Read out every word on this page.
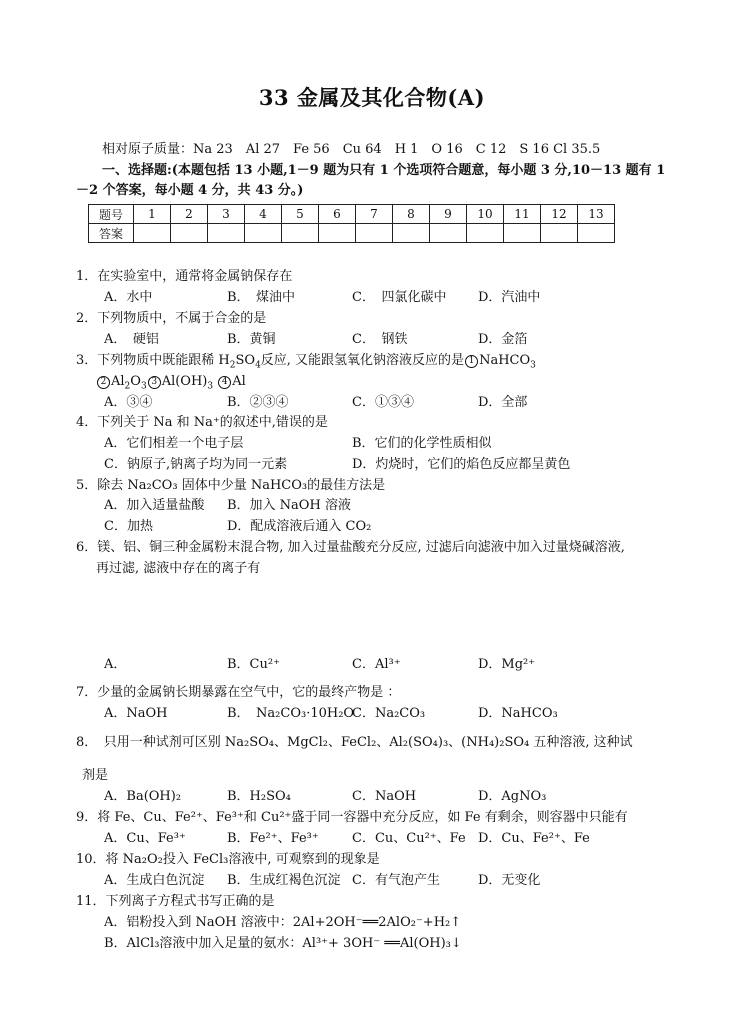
33 金属及其化合物(A)
相对原子质量：Na 23　Al 27　Fe 56　Cu 64　H 1　O 16　C 12　S 16 Cl 35.5
一、选择题:(本题包括 13 小题,1－9 题为只有 1 个选项符合题意，每小题 3 分,10－13 题有 1
－2 个答案，每小题 4 分，共 43 分。)
题号	1	2	3	4	5	6	7	8	9	10	11	12	13
答案													
1．在实验室中，通常将金属钠保存在
A．水中	B．　煤油中	C．　四氯化碳中 D．汽油中
2．下列物质中，不属于合金的是
A．　硬铝	B．黄铜	C．　钢铁	D．金箔
3．下列物质中既能跟稀 $H_2SO_4$反应, 又能跟氢氧化钠溶液反应的是 1 NaHCO$_3$
2 $Al_2O_3$ 3 $Al(OH)_3$ 4 Al
A．③④	B．②③④	C．①③④	D．全部
4．下列关于 Na 和 Na⁺的叙述中,错误的是
A．它们相差一个电子层	B．它们的化学性质相似
C．钠原子,钠离子均为同一元素	D．灼烧时，它们的焰色反应都呈黄色
5．除去 Na₂CO₃ 固体中少量 NaHCO₃的最佳方法是
A．加入适量盐酸 B．加入 NaOH 溶液
C．加热	D．配成溶液后通入 CO₂
6．镁、铝、铜三种金属粉末混合物, 加入过量盐酸充分反应, 过滤后向滤液中加入过量烧碱溶液,
再过滤, 滤液中存在的离子有
A．	B．Cu²⁺	C．Al³⁺	D．Mg²⁺
7．少量的金属钠长期暴露在空气中，它的最终产物是 ：
A．NaOH	B．　Na₂CO₃·10H₂O
C．Na₂CO₃	D．NaHCO₃
8．　只用一种试剂可区别 Na₂SO₄、MgCl₂、FeCl₂、Al₂(SO₄)₃、(NH₄)₂SO₄ 五种溶液, 这种试
剂是
A．Ba(OH)₂	B．H₂SO₄	C．NaOH	D．AgNO₃
9．将 Fe、Cu、Fe²⁺、Fe³⁺和 Cu²⁺盛于同一容器中充分反应，如 Fe 有剩余，则容器中只能有
A．Cu、Fe³⁺	B．Fe²⁺、Fe³⁺	C．Cu、Cu²⁺、Fe D．Cu、Fe²⁺、Fe
10．将 Na₂O₂投入 FeCl₃溶液中, 可观察到的现象是
A．生成白色沉淀 B．生成红褐色沉淀 C．有气泡产生	D．无变化
11．下列离子方程式书写正确的是
A．铝粉投入到 NaOH 溶液中：2Al+2OH⁻══2AlO₂⁻+H₂↑
B．AlCl₃溶液中加入足量的氨水：Al³⁺+ 3OH⁻ ══Al(OH)₃↓
